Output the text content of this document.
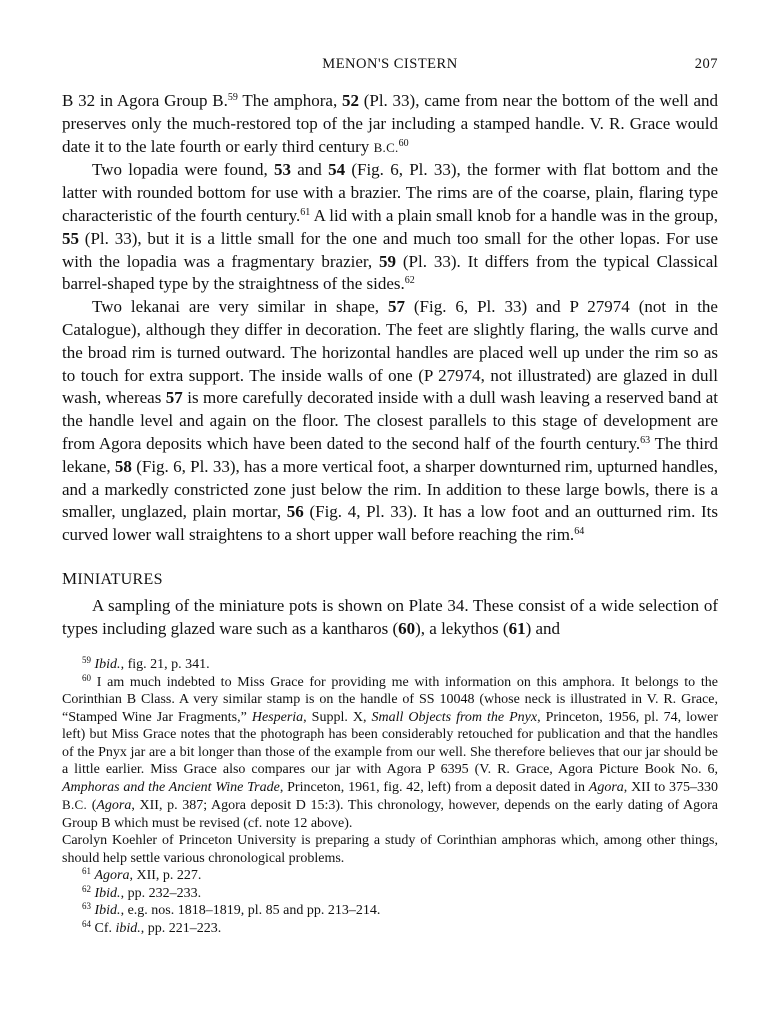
MENON'S CISTERN	207

B 32 in Agora Group B.$^{59}$ The amphora, 52 (Pl. 33), came from near the bottom of the well and preserves only the much-restored top of the jar including a stamped handle. V. R. Grace would date it to the late fourth or early third century B.C.$^{60}$

Two lopadia were found, 53 and 54 (Fig. 6, Pl. 33), the former with flat bottom and the latter with rounded bottom for use with a brazier. The rims are of the coarse, plain, flaring type characteristic of the fourth century.$^{61}$ A lid with a plain small knob for a handle was in the group, 55 (Pl. 33), but it is a little small for the one and much too small for the other lopas. For use with the lopadia was a fragmentary brazier, 59 (Pl. 33). It differs from the typical Classical barrel-shaped type by the straightness of the sides.$^{62}$

Two lekanai are very similar in shape, 57 (Fig. 6, Pl. 33) and P 27974 (not in the Catalogue), although they differ in decoration. The feet are slightly flaring, the walls curve and the broad rim is turned outward. The horizontal handles are placed well up under the rim so as to touch for extra support. The inside walls of one (P 27974, not illustrated) are glazed in dull wash, whereas 57 is more carefully decorated inside with a dull wash leaving a reserved band at the handle level and again on the floor. The closest parallels to this stage of development are from Agora deposits which have been dated to the second half of the fourth century.$^{63}$ The third lekane, 58 (Fig. 6, Pl. 33), has a more vertical foot, a sharper downturned rim, upturned handles, and a markedly constricted zone just below the rim. In addition to these large bowls, there is a smaller, unglazed, plain mortar, 56 (Fig. 4, Pl. 33). It has a low foot and an outturned rim. Its curved lower wall straightens to a short upper wall before reaching the rim.$^{64}$

MINIATURES

A sampling of the miniature pots is shown on Plate 34. These consist of a wide selection of types including glazed ware such as a kantharos (60), a lekythos (61) and

$^{59}$ Ibid., fig. 21, p. 341.

$^{60}$ I am much indebted to Miss Grace for providing me with information on this amphora. It belongs to the Corinthian B Class. A very similar stamp is on the handle of SS 10048 (whose neck is illustrated in V. R. Grace, “Stamped Wine Jar Fragments,” Hesperia, Suppl. X, Small Objects from the Pnyx, Princeton, 1956, pl. 74, lower left) but Miss Grace notes that the photograph has been considerably retouched for publication and that the handles of the Pnyx jar are a bit longer than those of the example from our well. She therefore believes that our jar should be a little earlier. Miss Grace also compares our jar with Agora P 6395 (V. R. Grace, Agora Picture Book No. 6, Amphoras and the Ancient Wine Trade, Princeton, 1961, fig. 42, left) from a deposit dated in Agora, XII to 375–330 B.C. (Agora, XII, p. 387; Agora deposit D 15:3). This chronology, however, depends on the early dating of Agora Group B which must be revised (cf. note 12 above).

Carolyn Koehler of Princeton University is preparing a study of Corinthian amphoras which, among other things, should help settle various chronological problems.

$^{61}$ Agora, XII, p. 227.

$^{62}$ Ibid., pp. 232–233.

$^{63}$ Ibid., e.g. nos. 1818–1819, pl. 85 and pp. 213–214.

$^{64}$ Cf. ibid., pp. 221–223.
